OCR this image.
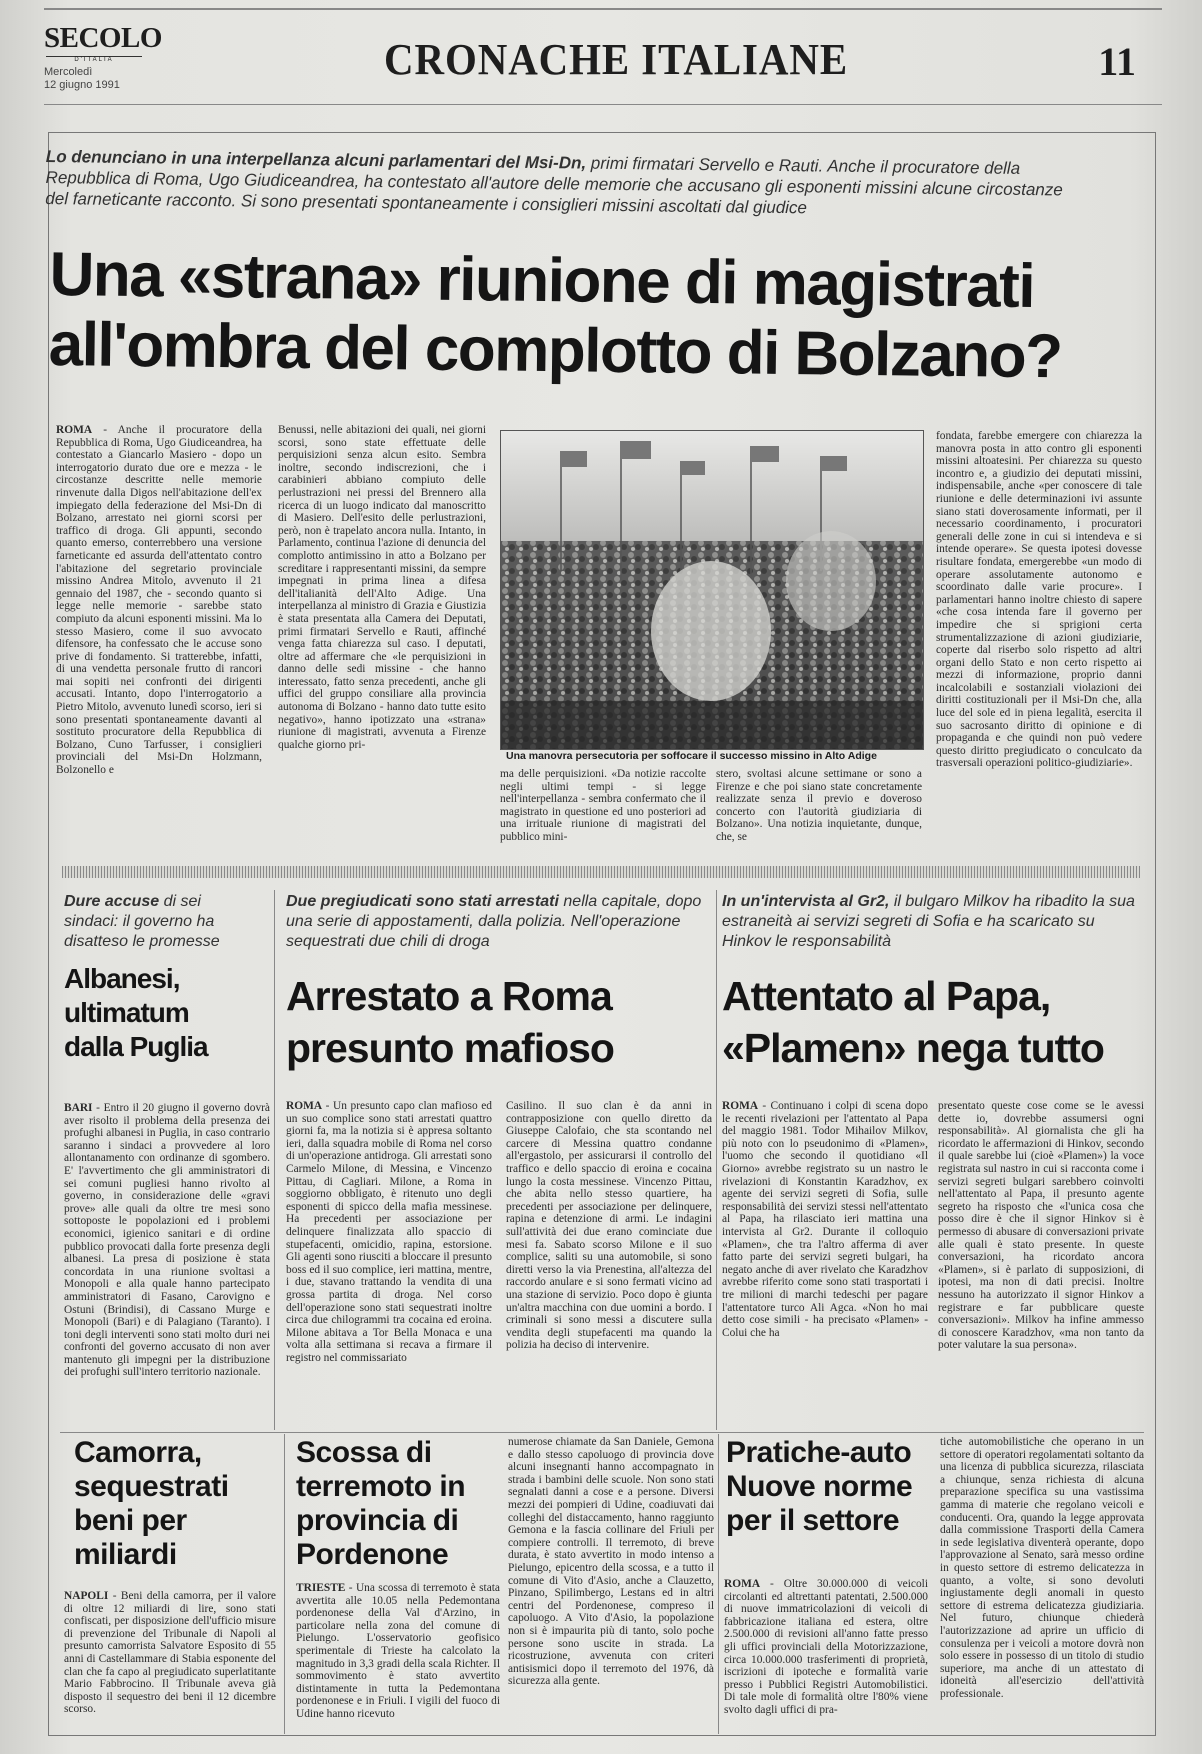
SECOLO
D'ITALIA
Mercoledì
12 giugno 1991
CRONACHE ITALIANE	11
Lo denunciano in una interpellanza alcuni parlamentari del Msi-Dn, primi firmatari Servello e Rauti. Anche il procuratore della Repubblica di Roma, Ugo Giudiceandrea, ha contestato all'autore delle memorie che accusano gli esponenti missini alcune circostanze del farneticante racconto. Si sono presentati spontaneamente i consiglieri missini ascoltati dal giudice
Una «strana» riunione di magistrati
all'ombra del complotto di Bolzano?
ROMA - Anche il procuratore della Repubblica di Roma, Ugo Giudiceandrea, ha contestato a Giancarlo Masiero - dopo un interrogatorio durato due ore e mezza - le circostanze descritte nelle memorie rinvenute dalla Digos nell'abitazione dell'ex impiegato della federazione del Msi-Dn di Bolzano, arrestato nei giorni scorsi per traffico di droga. Gli appunti, secondo quanto emerso, conterrebbero una versione farneticante ed assurda dell'attentato contro l'abitazione del segretario provinciale missino Andrea Mitolo, avvenuto il 21 gennaio del 1987, che - secondo quanto si legge nelle memorie - sarebbe stato compiuto da alcuni esponenti missini. Ma lo stesso Masiero, come il suo avvocato difensore, ha confessato che le accuse sono prive di fondamento. Si tratterebbe, infatti, di una vendetta personale frutto di rancori mai sopiti nei confronti dei dirigenti accusati. Intanto, dopo l'interrogatorio a Pietro Mitolo, avvenuto lunedì scorso, ieri si sono presentati spontaneamente davanti al sostituto procuratore della Repubblica di Bolzano, Cuno Tarfusser, i consiglieri provinciali del Msi-Dn Holzmann, Bolzonello e
Benussi, nelle abitazioni dei quali, nei giorni scorsi, sono state effettuate delle perquisizioni senza alcun esito. Sembra inoltre, secondo indiscrezioni, che i carabinieri abbiano compiuto delle perlustrazioni nei pressi del Brennero alla ricerca di un luogo indicato dal manoscritto di Masiero. Dell'esito delle perlustrazioni, però, non è trapelato ancora nulla. Intanto, in Parlamento, continua l'azione di denuncia del complotto antimissino in atto a Bolzano per screditare i rappresentanti missini, da sempre impegnati in prima linea a difesa dell'italianità dell'Alto Adige. Una interpellanza al ministro di Grazia e Giustizia è stata presentata alla Camera dei Deputati, primi firmatari Servello e Rauti, affinché venga fatta chiarezza sul caso. I deputati, oltre ad affermare che «le perquisizioni in danno delle sedi missine - che hanno interessato, fatto senza precedenti, anche gli uffici del gruppo consiliare alla provincia autonoma di Bolzano - hanno dato tutte esito negativo», hanno ipotizzato una «strana» riunione di magistrati, avvenuta a Firenze qualche giorno pri-
Una manovra persecutoria per soffocare il successo missino in Alto Adige
ma delle perquisizioni. «Da notizie raccolte negli ultimi tempi - si legge nell'interpellanza - sembra confermato che il magistrato in questione ed uno posteriori ad una irrituale riunione di magistrati del pubblico mini-
stero, svoltasi alcune settimane or sono a Firenze e che poi siano state concretamente realizzate senza il previo e doveroso concerto con l'autorità giudiziaria di Bolzano». Una notizia inquietante, dunque, che, se
fondata, farebbe emergere con chiarezza la manovra posta in atto contro gli esponenti missini altoatesini. Per chiarezza su questo incontro e, a giudizio dei deputati missini, indispensabile, anche «per conoscere di tale riunione e delle determinazioni ivi assunte siano stati doverosamente informati, per il necessario coordinamento, i procuratori generali delle zone in cui si intendeva e si intende operare». Se questa ipotesi dovesse risultare fondata, emergerebbe «un modo di operare assolutamente autonomo e scoordinato dalle varie procure». I parlamentari hanno inoltre chiesto di sapere «che cosa intenda fare il governo per impedire che si sprigioni certa strumentalizzazione di azioni giudiziarie, coperte dal riserbo solo rispetto ad altri organi dello Stato e non certo rispetto ai mezzi di informazione, proprio danni incalcolabili e sostanziali violazioni dei diritti costituzionali per il Msi-Dn che, alla luce del sole ed in piena legalità, esercita il suo sacrosanto diritto di opinione e di propaganda e che quindi non può vedere questo diritto pregiudicato o conculcato da trasversali operazioni politico-giudiziarie».
Dure accuse di sei sindaci: il governo ha disatteso le promesse
Albanesi, ultimatum dalla Puglia
BARI - Entro il 20 giugno il governo dovrà aver risolto il problema della presenza dei profughi albanesi in Puglia, in caso contrario saranno i sindaci a provvedere al loro allontanamento con ordinanze di sgombero. E' l'avvertimento che gli amministratori di sei comuni pugliesi hanno rivolto al governo, in considerazione delle «gravi prove» alle quali da oltre tre mesi sono sottoposte le popolazioni ed i problemi economici, igienico sanitari e di ordine pubblico provocati dalla forte presenza degli albanesi. La presa di posizione è stata concordata in una riunione svoltasi a Monopoli e alla quale hanno partecipato amministratori di Fasano, Carovigno e Ostuni (Brindisi), di Cassano Murge e Monopoli (Bari) e di Palagiano (Taranto). I toni degli interventi sono stati molto duri nei confronti del governo accusato di non aver mantenuto gli impegni per la distribuzione dei profughi sull'intero territorio nazionale.
Due pregiudicati sono stati arrestati nella capitale, dopo una serie di appostamenti, dalla polizia. Nell'operazione sequestrati due chili di droga
Arrestato a Roma
presunto mafioso
ROMA - Un presunto capo clan mafioso ed un suo complice sono stati arrestati quattro giorni fa, ma la notizia si è appresa soltanto ieri, dalla squadra mobile di Roma nel corso di un'operazione antidroga. Gli arrestati sono Carmelo Milone, di Messina, e Vincenzo Pittau, di Cagliari. Milone, a Roma in soggiorno obbligato, è ritenuto uno degli esponenti di spicco della mafia messinese. Ha precedenti per associazione per delinquere finalizzata allo spaccio di stupefacenti, omicidio, rapina, estorsione. Gli agenti sono riusciti a bloccare il presunto boss ed il suo complice, ieri mattina, mentre, i due, stavano trattando la vendita di una grossa partita di droga. Nel corso dell'operazione sono stati sequestrati inoltre circa due chilogrammi tra cocaina ed eroina. Milone abitava a Tor Bella Monaca e una volta alla settimana si recava a firmare il registro nel commissariato
Casilino. Il suo clan è da anni in contrapposizione con quello diretto da Giuseppe Calofaio, che sta scontando nel carcere di Messina quattro condanne all'ergastolo, per assicurarsi il controllo del traffico e dello spaccio di eroina e cocaina lungo la costa messinese. Vincenzo Pittau, che abita nello stesso quartiere, ha precedenti per associazione per delinquere, rapina e detenzione di armi. Le indagini sull'attività dei due erano cominciate due mesi fa. Sabato scorso Milone e il suo complice, saliti su una automobile, si sono diretti verso la via Prenestina, all'altezza del raccordo anulare e si sono fermati vicino ad una stazione di servizio. Poco dopo è giunta un'altra macchina con due uomini a bordo. I criminali si sono messi a discutere sulla vendita degli stupefacenti ma quando la polizia ha deciso di intervenire.
In un'intervista al Gr2, il bulgaro Milkov ha ribadito la sua estraneità ai servizi segreti di Sofia e ha scaricato su Hinkov le responsabilità
Attentato al Papa,
«Plamen» nega tutto
ROMA - Continuano i colpi di scena dopo le recenti rivelazioni per l'attentato al Papa del maggio 1981. Todor Mihailov Milkov, più noto con lo pseudonimo di «Plamen», l'uomo che secondo il quotidiano «Il Giorno» avrebbe registrato su un nastro le rivelazioni di Konstantin Karadzhov, ex agente dei servizi segreti di Sofia, sulle responsabilità dei servizi stessi nell'attentato al Papa, ha rilasciato ieri mattina una intervista al Gr2. Durante il colloquio «Plamen», che tra l'altro afferma di aver fatto parte dei servizi segreti bulgari, ha negato anche di aver rivelato che Karadzhov avrebbe riferito come sono stati trasportati i tre milioni di marchi tedeschi per pagare l'attentatore turco Ali Agca. «Non ho mai detto cose simili - ha precisato «Plamen» - Colui che ha
presentato queste cose come se le avessi dette io, dovrebbe assumersi ogni responsabilità». Al giornalista che gli ha ricordato le affermazioni di Hinkov, secondo il quale sarebbe lui (cioè «Plamen») la voce registrata sul nastro in cui si racconta come i servizi segreti bulgari sarebbero coinvolti nell'attentato al Papa, il presunto agente segreto ha risposto che «l'unica cosa che posso dire è che il signor Hinkov si è permesso di abusare di conversazioni private alle quali è stato presente. In queste conversazioni, ha ricordato ancora «Plamen», si è parlato di supposizioni, di ipotesi, ma non di dati precisi. Inoltre nessuno ha autorizzato il signor Hinkov a registrare e far pubblicare queste conversazioni». Milkov ha infine ammesso di conoscere Karadzhov, «ma non tanto da poter valutare la sua persona».
Camorra, sequestrati beni per miliardi
NAPOLI - Beni della camorra, per il valore di oltre 12 miliardi di lire, sono stati confiscati, per disposizione dell'ufficio misure di prevenzione del Tribunale di Napoli al presunto camorrista Salvatore Esposito di 55 anni di Castellammare di Stabia esponente del clan che fa capo al pregiudicato superlatitante Mario Fabbrocino. Il Tribunale aveva già disposto il sequestro dei beni il 12 dicembre scorso.
Scossa di terremoto in provincia di Pordenone
TRIESTE - Una scossa di terremoto è stata avvertita alle 10.05 nella Pedemontana pordenonese della Val d'Arzino, in particolare nella zona del comune di Pielungo. L'osservatorio geofisico sperimentale di Trieste ha calcolato la magnitudo in 3,3 gradi della scala Richter. Il sommovimento è stato avvertito distintamente in tutta la Pedemontana pordenonese e in Friuli. I vigili del fuoco di Udine hanno ricevuto
numerose chiamate da San Daniele, Gemona e dallo stesso capoluogo di provincia dove alcuni insegnanti hanno accompagnato in strada i bambini delle scuole. Non sono stati segnalati danni a cose e a persone. Diversi mezzi dei pompieri di Udine, coadiuvati dai colleghi del distaccamento, hanno raggiunto Gemona e la fascia collinare del Friuli per compiere controlli. Il terremoto, di breve durata, è stato avvertito in modo intenso a Pielungo, epicentro della scossa, e a tutto il comune di Vito d'Asio, anche a Clauzetto, Pinzano, Spilimbergo, Lestans ed in altri centri del Pordenonese, compreso il capoluogo. A Vito d'Asio, la popolazione non si è impaurita più di tanto, solo poche persone sono uscite in strada. La ricostruzione, avvenuta con criteri antisismici dopo il terremoto del 1976, dà sicurezza alla gente.
Pratiche-auto Nuove norme per il settore
ROMA - Oltre 30.000.000 di veicoli circolanti ed altrettanti patentati, 2.500.000 di nuove immatricolazioni di veicoli di fabbricazione italiana ed estera, oltre 2.500.000 di revisioni all'anno fatte presso gli uffici provinciali della Motorizzazione, circa 10.000.000 trasferimenti di proprietà, iscrizioni di ipoteche e formalità varie presso i Pubblici Registri Automobilistici. Di tale mole di formalità oltre l'80% viene svolto dagli uffici di pra-
tiche automobilistiche che operano in un settore di operatori regolamentati soltanto da una licenza di pubblica sicurezza, rilasciata a chiunque, senza richiesta di alcuna preparazione specifica su una vastissima gamma di materie che regolano veicoli e conducenti. Ora, quando la legge approvata dalla commissione Trasporti della Camera in sede legislativa diventerà operante, dopo l'approvazione al Senato, sarà messo ordine in questo settore di estremo delicatezza in quanto, a volte, si sono devoluti ingiustamente degli anomali in questo settore di estrema delicatezza giudiziaria. Nel futuro, chiunque chiederà l'autorizzazione ad aprire un ufficio di consulenza per i veicoli a motore dovrà non solo essere in possesso di un titolo di studio superiore, ma anche di un attestato di idoneità all'esercizio dell'attività professionale.
